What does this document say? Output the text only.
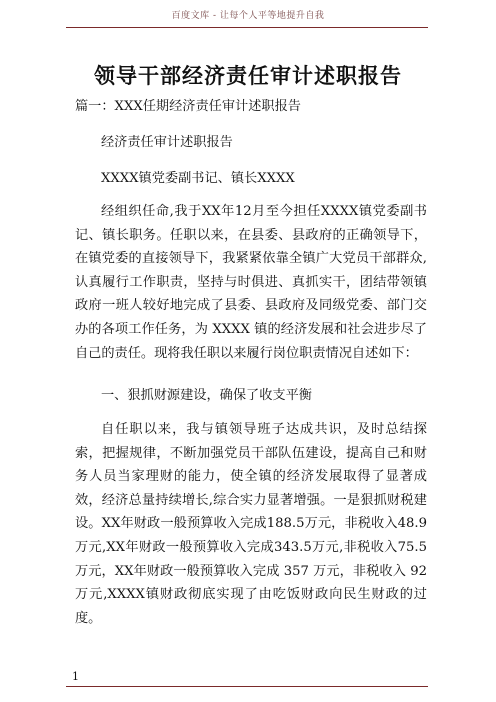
百度文库 - 让每个人平等地提升自我
领导干部经济责任审计述职报告
篇一：XXX任期经济责任审计述职报告
经济责任审计述职报告
XXXX镇党委副书记、镇长XXXX

经组织任命,我于XX年12月至今担任XXXX镇党委副书记、镇长职务。任职以来，在县委、县政府的正确领导下，在镇党委的直接领导下，我紧紧依靠全镇广大党员干部群众,认真履行工作职责，坚持与时俱进、真抓实干，团结带领镇政府一班人较好地完成了县委、县政府及同级党委、部门交办的各项工作任务，为 XXXX 镇的经济发展和社会进步尽了自己的责任。现将我任职以来履行岗位职责情况自述如下：

一、狠抓财源建设，确保了收支平衡

自任职以来，我与镇领导班子达成共识，及时总结探索，把握规律，不断加强党员干部队伍建设，提高自己和财务人员当家理财的能力，使全镇的经济发展取得了显著成效，经济总量持续增长,综合实力显著增强。一是狠抓财税建设。XX年财政一般预算收入完成188.5万元，非税收入48.9万元,XX年财政一般预算收入完成343.5万元,非税收入75.5万元，XX年财政一般预算收入完成 357 万元，非税收入 92 万元,XXXX镇财政彻底实现了由吃饭财政向民生财政的过度。

1
